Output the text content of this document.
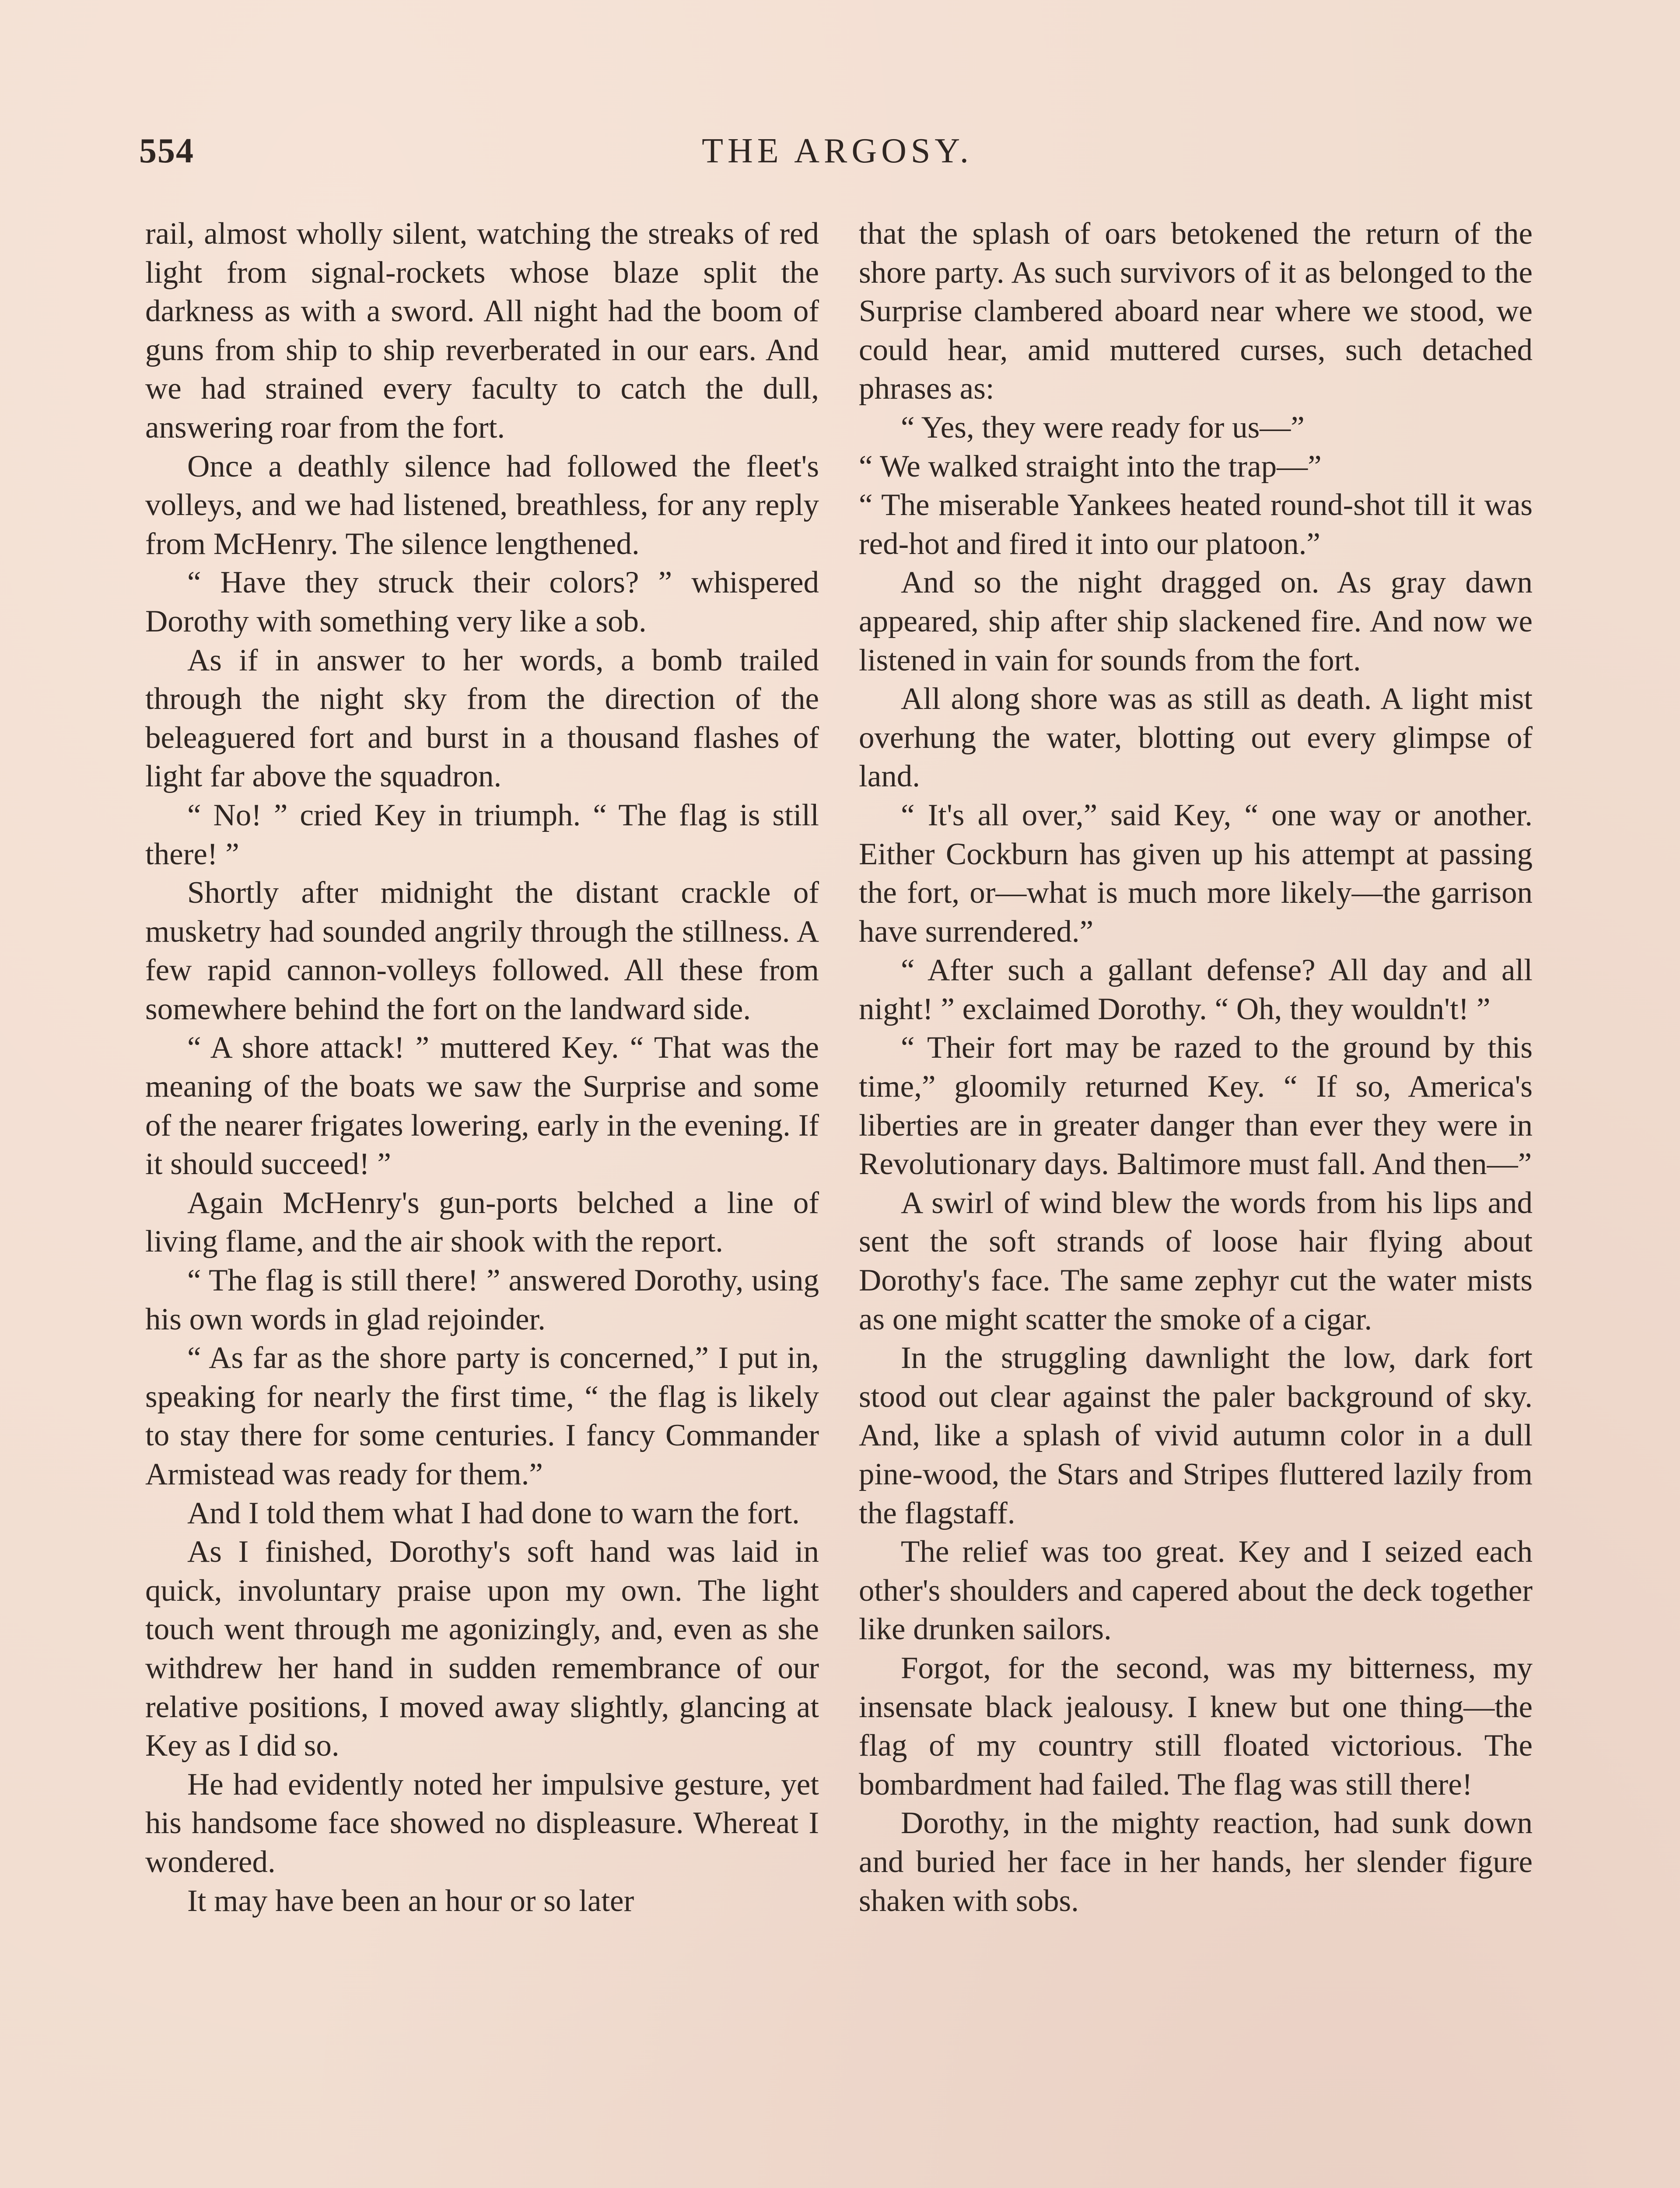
554	THE ARGOSY.

rail, almost wholly silent, watching the streaks of red light from signal-rockets whose blaze split the darkness as with a sword. All night had the boom of guns from ship to ship reverberated in our ears. And we had strained every faculty to catch the dull, answering roar from the fort.

Once a deathly silence had followed the fleet's volleys, and we had listened, breathless, for any reply from McHenry. The silence lengthened.

“ Have they struck their colors? ” whispered Dorothy with something very like a sob.

As if in answer to her words, a bomb trailed through the night sky from the direction of the beleaguered fort and burst in a thousand flashes of light far above the squadron.

“ No! ” cried Key in triumph. “ The flag is still there! ”

Shortly after midnight the distant crackle of musketry had sounded angrily through the stillness. A few rapid cannon-volleys followed. All these from somewhere behind the fort on the landward side.

“ A shore attack! ” muttered Key. “ That was the meaning of the boats we saw the Surprise and some of the nearer frigates lowering, early in the evening. If it should succeed! ”

Again McHenry's gun-ports belched a line of living flame, and the air shook with the report.

“ The flag is still there! ” answered Dorothy, using his own words in glad rejoinder.

“ As far as the shore party is concerned,” I put in, speaking for nearly the first time, “ the flag is likely to stay there for some centuries. I fancy Commander Armistead was ready for them.”

And I told them what I had done to warn the fort.

As I finished, Dorothy's soft hand was laid in quick, involuntary praise upon my own. The light touch went through me agonizingly, and, even as she withdrew her hand in sudden remembrance of our relative positions, I moved away slightly, glancing at Key as I did so.

He had evidently noted her impulsive gesture, yet his handsome face showed no displeasure. Whereat I wondered.

It may have been an hour or so later

that the splash of oars betokened the return of the shore party. As such survivors of it as belonged to the Surprise clambered aboard near where we stood, we could hear, amid muttered curses, such detached phrases as:

“ Yes, they were ready for us—”

“ We walked straight into the trap—”

“ The miserable Yankees heated round-shot till it was red-hot and fired it into our platoon.”

And so the night dragged on. As gray dawn appeared, ship after ship slackened fire. And now we listened in vain for sounds from the fort.

All along shore was as still as death. A light mist overhung the water, blotting out every glimpse of land.

“ It's all over,” said Key, “ one way or another. Either Cockburn has given up his attempt at passing the fort, or—what is much more likely—the garrison have surrendered.”

“ After such a gallant defense? All day and all night! ” exclaimed Dorothy. “ Oh, they wouldn't! ”

“ Their fort may be razed to the ground by this time,” gloomily returned Key. “ If so, America's liberties are in greater danger than ever they were in Revolutionary days. Baltimore must fall. And then—”

A swirl of wind blew the words from his lips and sent the soft strands of loose hair flying about Dorothy's face. The same zephyr cut the water mists as one might scatter the smoke of a cigar.

In the struggling dawnlight the low, dark fort stood out clear against the paler background of sky. And, like a splash of vivid autumn color in a dull pine-wood, the Stars and Stripes fluttered lazily from the flagstaff.

The relief was too great. Key and I seized each other's shoulders and capered about the deck together like drunken sailors.

Forgot, for the second, was my bitterness, my insensate black jealousy. I knew but one thing—the flag of my country still floated victorious. The bombardment had failed. The flag was still there!

Dorothy, in the mighty reaction, had sunk down and buried her face in her hands, her slender figure shaken with sobs.
